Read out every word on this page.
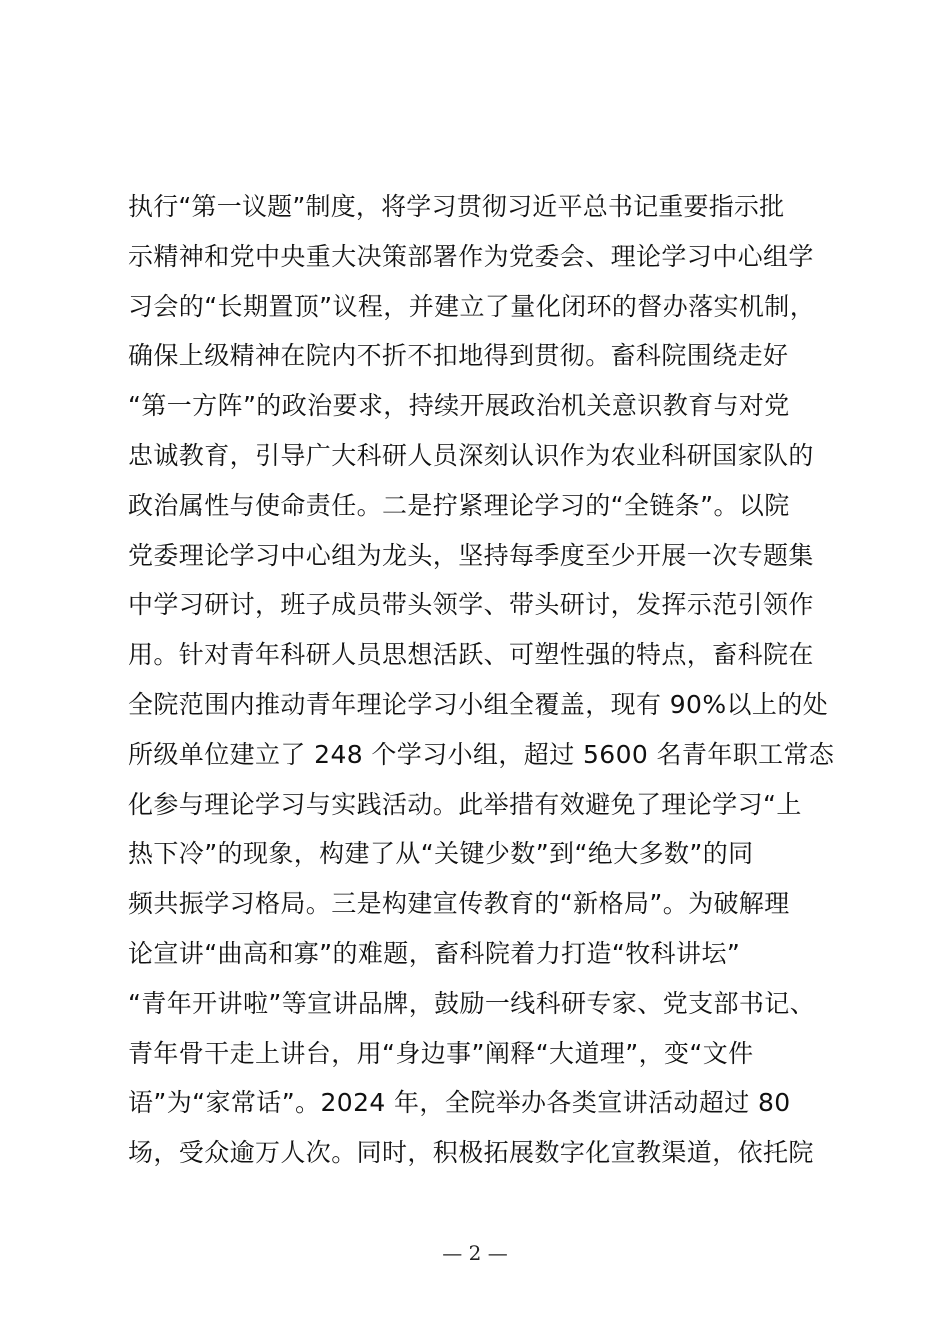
执行“第一议题”制度，将学习贯彻习近平总书记重要指示批
示精神和党中央重大决策部署作为党委会、理论学习中心组学
习会的“长期置顶”议程，并建立了量化闭环的督办落实机制，
确保上级精神在院内不折不扣地得到贯彻。畜科院围绕走好
“第一方阵”的政治要求，持续开展政治机关意识教育与对党
忠诚教育，引导广大科研人员深刻认识作为农业科研国家队的
政治属性与使命责任。二是拧紧理论学习的“全链条”。以院
党委理论学习中心组为龙头，坚持每季度至少开展一次专题集
中学习研讨，班子成员带头领学、带头研讨，发挥示范引领作
用。针对青年科研人员思想活跃、可塑性强的特点，畜科院在
全院范围内推动青年理论学习小组全覆盖，现有 90%以上的处
所级单位建立了 248 个学习小组，超过 5600 名青年职工常态
化参与理论学习与实践活动。此举措有效避免了理论学习“上
热下冷”的现象，构建了从“关键少数”到“绝大多数”的同
频共振学习格局。三是构建宣传教育的“新格局”。为破解理
论宣讲“曲高和寡”的难题，畜科院着力打造“牧科讲坛”
“青年开讲啦”等宣讲品牌，鼓励一线科研专家、党支部书记、
青年骨干走上讲台，用“身边事”阐释“大道理”，变“文件
语”为“家常话”。2024 年，全院举办各类宣讲活动超过 80
场，受众逾万人次。同时，积极拓展数字化宣教渠道，依托院
— 2 —
